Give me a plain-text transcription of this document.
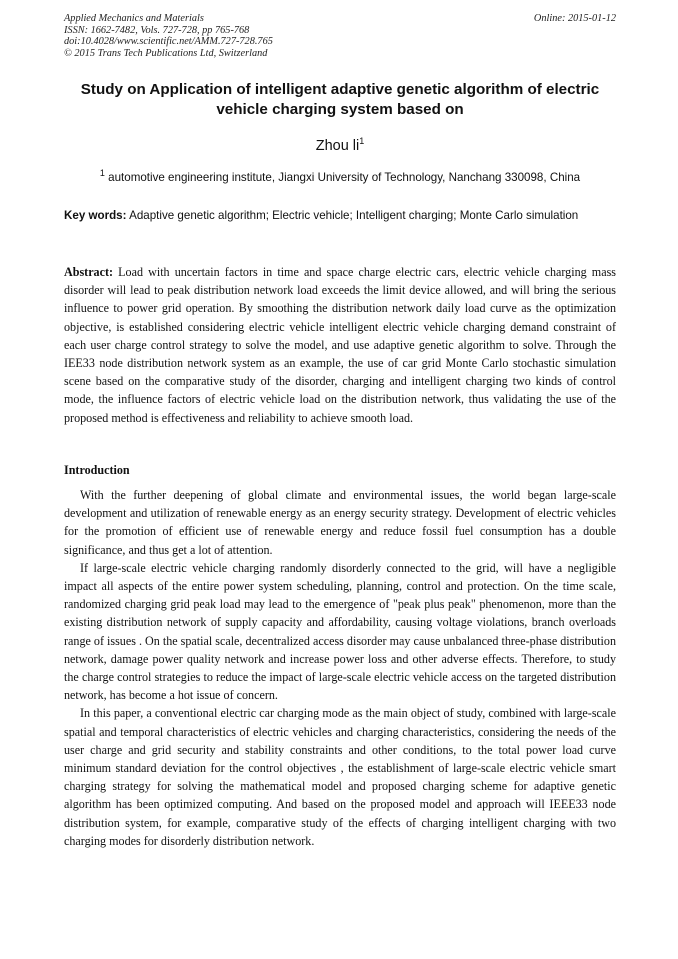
Applied Mechanics and Materials	Online: 2015-01-12
ISSN: 1662-7482, Vols. 727-728, pp 765-768
doi:10.4028/www.scientific.net/AMM.727-728.765
© 2015 Trans Tech Publications Ltd, Switzerland
Study on Application of intelligent adaptive genetic algorithm of electric vehicle charging system based on
Zhou $li^1$
$^1$ automotive engineering institute, Jiangxi University of Technology, Nanchang 330098, China
Key words: Adaptive genetic algorithm; Electric vehicle; Intelligent charging; Monte Carlo simulation
Abstract: Load with uncertain factors in time and space charge electric cars, electric vehicle charging mass disorder will lead to peak distribution network load exceeds the limit device allowed, and will bring the serious influence to power grid operation. By smoothing the distribution network daily load curve as the optimization objective, is established considering electric vehicle intelligent electric vehicle charging demand constraint of each user charge control strategy to solve the model, and use adaptive genetic algorithm to solve. Through the IEE33 node distribution network system as an example, the use of car grid Monte Carlo stochastic simulation scene based on the comparative study of the disorder, charging and intelligent charging two kinds of control mode, the influence factors of electric vehicle load on the distribution network, thus validating the use of the proposed method is effectiveness and reliability to achieve smooth load.
Introduction

With the further deepening of global climate and environmental issues, the world began large-scale development and utilization of renewable energy as an energy security strategy. Development of electric vehicles for the promotion of efficient use of renewable energy and reduce fossil fuel consumption has a double significance, and thus get a lot of attention.

If large-scale electric vehicle charging randomly disorderly connected to the grid, will have a negligible impact all aspects of the entire power system scheduling, planning, control and protection. On the time scale, randomized charging grid peak load may lead to the emergence of "peak plus peak" phenomenon, more than the existing distribution network of supply capacity and affordability, causing voltage violations, branch overloads range of issues . On the spatial scale, decentralized access disorder may cause unbalanced three-phase distribution network, damage power quality network and increase power loss and other adverse effects. Therefore, to study the charge control strategies to reduce the impact of large-scale electric vehicle access on the targeted distribution network, has become a hot issue of concern.

In this paper, a conventional electric car charging mode as the main object of study, combined with large-scale spatial and temporal characteristics of electric vehicles and charging characteristics, considering the needs of the user charge and grid security and stability constraints and other conditions, to the total power load curve minimum standard deviation for the control objectives , the establishment of large-scale electric vehicle smart charging strategy for solving the mathematical model and proposed charging scheme for adaptive genetic algorithm has been optimized computing. And based on the proposed model and approach will IEEE33 node distribution system, for example, comparative study of the effects of charging intelligent charging with two charging modes for disorderly distribution network.
